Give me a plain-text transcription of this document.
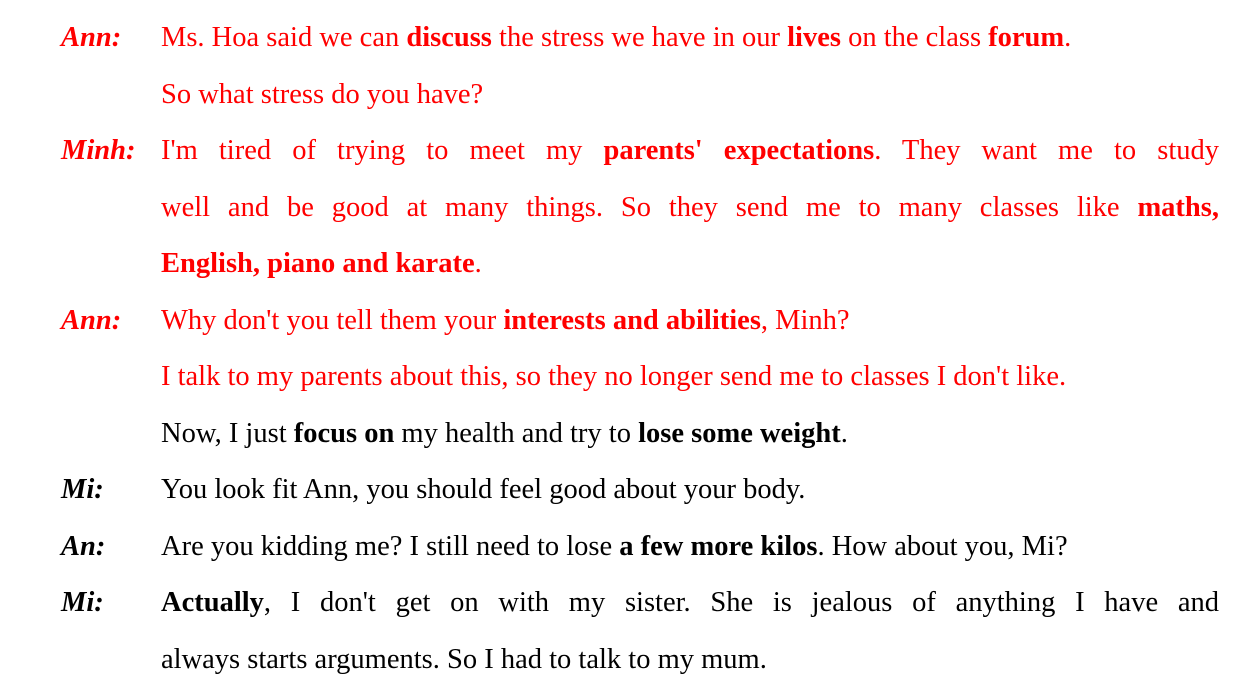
Ann:	Ms. Hoa said we can discuss the stress we have in our lives on the class forum.
So what stress do you have?
Minh: I'm tired of trying to meet my parents' expectations. They want me to study
well and be good at many things. So they send me to many classes like maths,
English, piano and karate.
Ann:	Why don't you tell them your interests and abilities, Minh?
I talk to my parents about this, so they no longer send me to classes I don't like.
Now, I just focus on my health and try to lose some weight.
Mi:	You look fit Ann, you should feel good about your body.
An:	Are you kidding me? I still need to lose a few more kilos. How about you, Mi?
Mi:	Actually, I don't get on with my sister. She is jealous of anything I have and
always starts arguments. So I had to talk to my mum.
